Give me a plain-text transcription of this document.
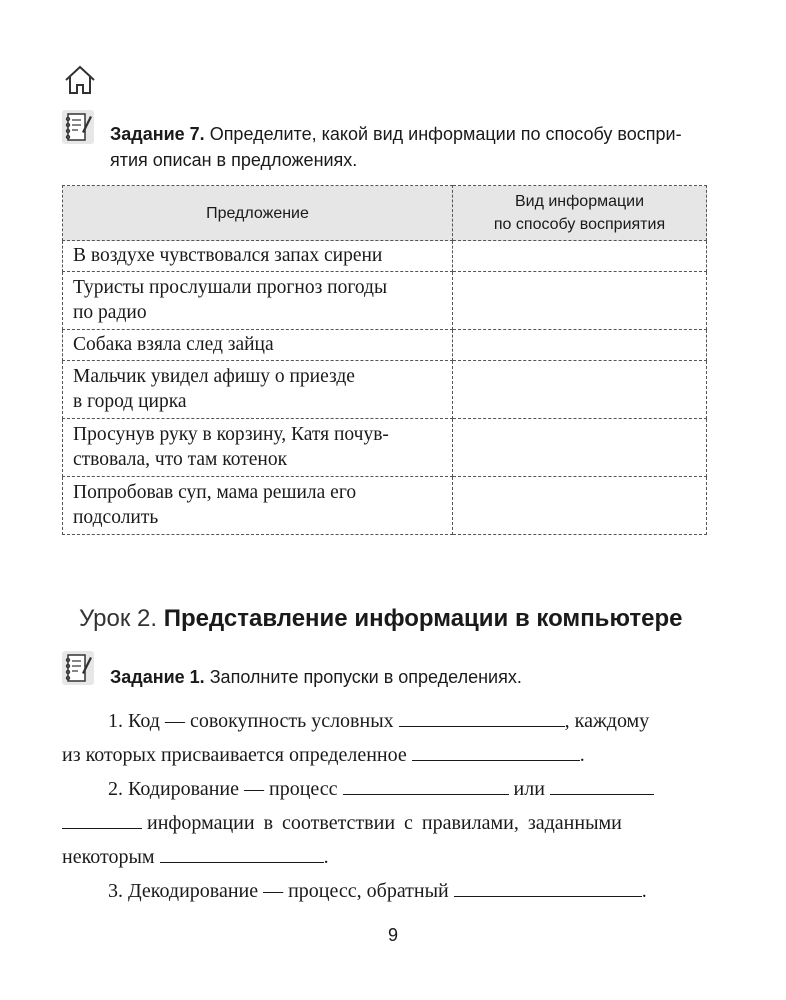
Задание 7. Определите, какой вид информации по способу воспри-
ятия описан в предложениях.
Предложение	Вид информации
по способу восприятия

В воздухе чувствовался запах сирени	

Туристы прослушали прогноз погоды
по радио	

Собака взяла след зайца	

Мальчик увидел афишу о приезде
в город цирка	

Просунув руку в корзину, Катя почув-
ствовала, что там котенок	

Попробовав суп, мама решила его
подсолить	

Урок 2. Представление информации в компьютере
Задание 1. Заполните пропуски в определениях.
1. Код — совокупность условных	, каждому
из которых присваивается определенное	.
2. Кодирование — процесс	или
информации в соответствии с правилами, заданными
некоторым	.
3. Декодирование — процесс, обратный	.
9
